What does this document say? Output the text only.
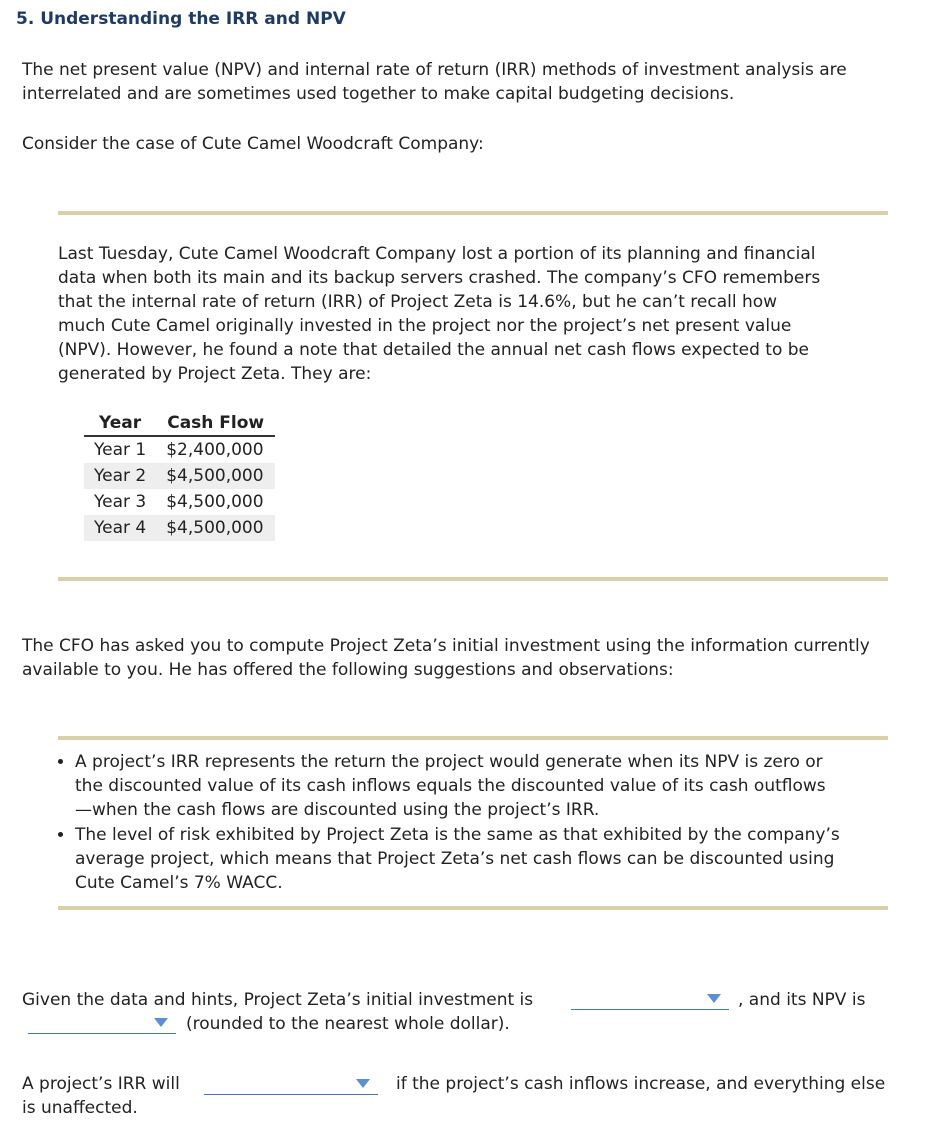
5. Understanding the IRR and NPV
The net present value (NPV) and internal rate of return (IRR) methods of investment analysis are
interrelated and are sometimes used together to make capital budgeting decisions.
Consider the case of Cute Camel Woodcraft Company:
Last Tuesday, Cute Camel Woodcraft Company lost a portion of its planning and financial
data when both its main and its backup servers crashed. The company’s CFO remembers
that the internal rate of return (IRR) of Project Zeta is 14.6%, but he can’t recall how
much Cute Camel originally invested in the project nor the project’s net present value
(NPV). However, he found a note that detailed the annual net cash flows expected to be
generated by Project Zeta. They are:
Year	Cash Flow
Year 1	$2,400,000
Year 2	$4,500,000
Year 3	$4,500,000
Year 4	$4,500,000
The CFO has asked you to compute Project Zeta’s initial investment using the information currently
available to you. He has offered the following suggestions and observations:
• A project’s IRR represents the return the project would generate when its NPV is zero or
the discounted value of its cash inflows equals the discounted value of its cash outflows
—when the cash flows are discounted using the project’s IRR.
• The level of risk exhibited by Project Zeta is the same as that exhibited by the company’s
average project, which means that Project Zeta’s net cash flows can be discounted using
Cute Camel’s 7% WACC.
Given the data and hints, Project Zeta’s initial investment is	, and its NPV is
(rounded to the nearest whole dollar).
A project’s IRR will	if the project’s cash inflows increase, and everything else
is unaffected.
